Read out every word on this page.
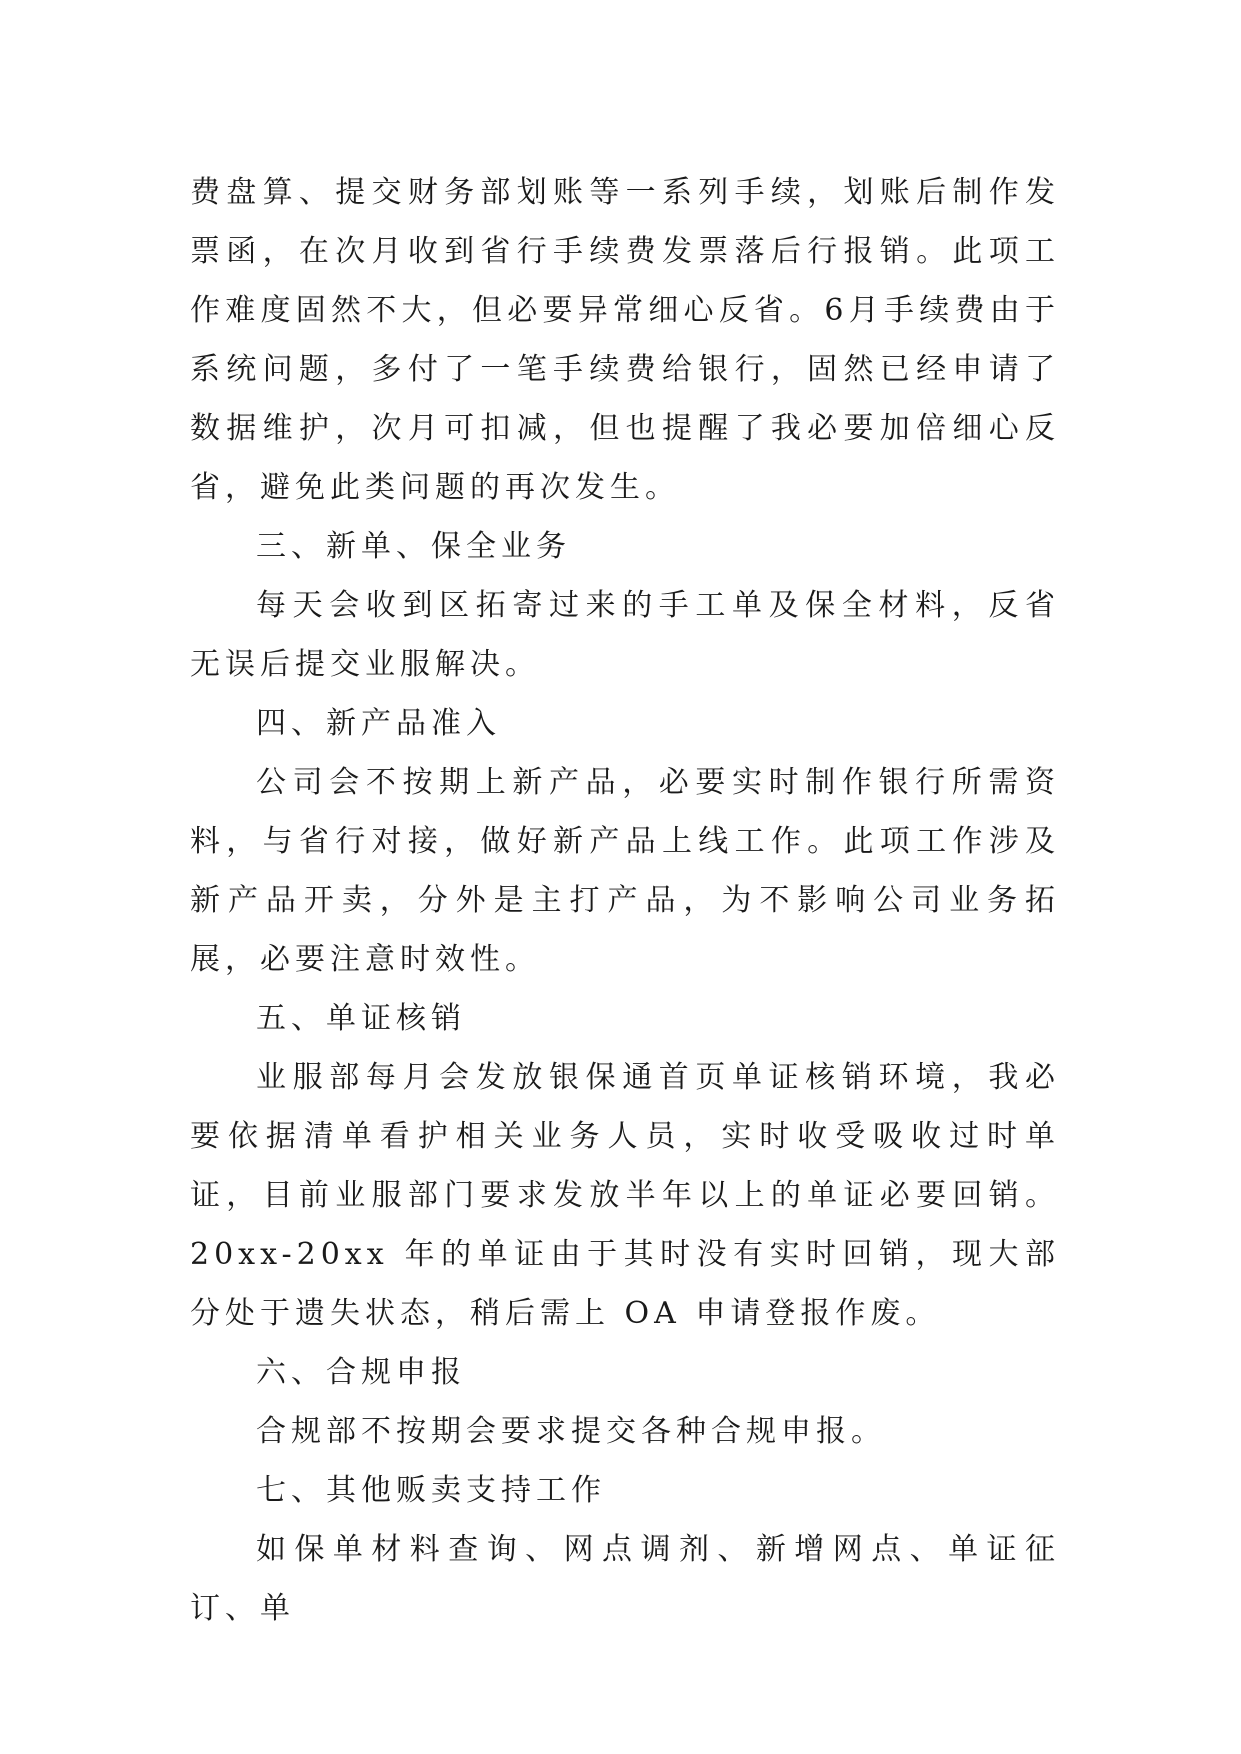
费盘算、提交财务部划账等一系列手续，划账后制作发票函，在次月收到省行手续费发票落后行报销。此项工作难度固然不大，但必要异常细心反省。6月手续费由于系统问题，多付了一笔手续费给银行，固然已经申请了数据维护，次月可扣减，但也提醒了我必要加倍细心反省，避免此类问题的再次发生。

三、新单、保全业务

每天会收到区拓寄过来的手工单及保全材料，反省无误后提交业服解决。

四、新产品准入

公司会不按期上新产品，必要实时制作银行所需资料，与省行对接，做好新产品上线工作。此项工作涉及新产品开卖，分外是主打产品，为不影响公司业务拓展，必要注意时效性。

五、单证核销

业服部每月会发放银保通首页单证核销环境，我必要依据清单看护相关业务人员，实时收受吸收过时单证，目前业服部门要求发放半年以上的单证必要回销。20xx-20xx 年的单证由于其时没有实时回销，现大部分处于遗失状态，稍后需上 OA 申请登报作废。

六、合规申报

合规部不按期会要求提交各种合规申报。

七、其他贩卖支持工作

如保单材料查询、网点调剂、新增网点、单证征订、单
